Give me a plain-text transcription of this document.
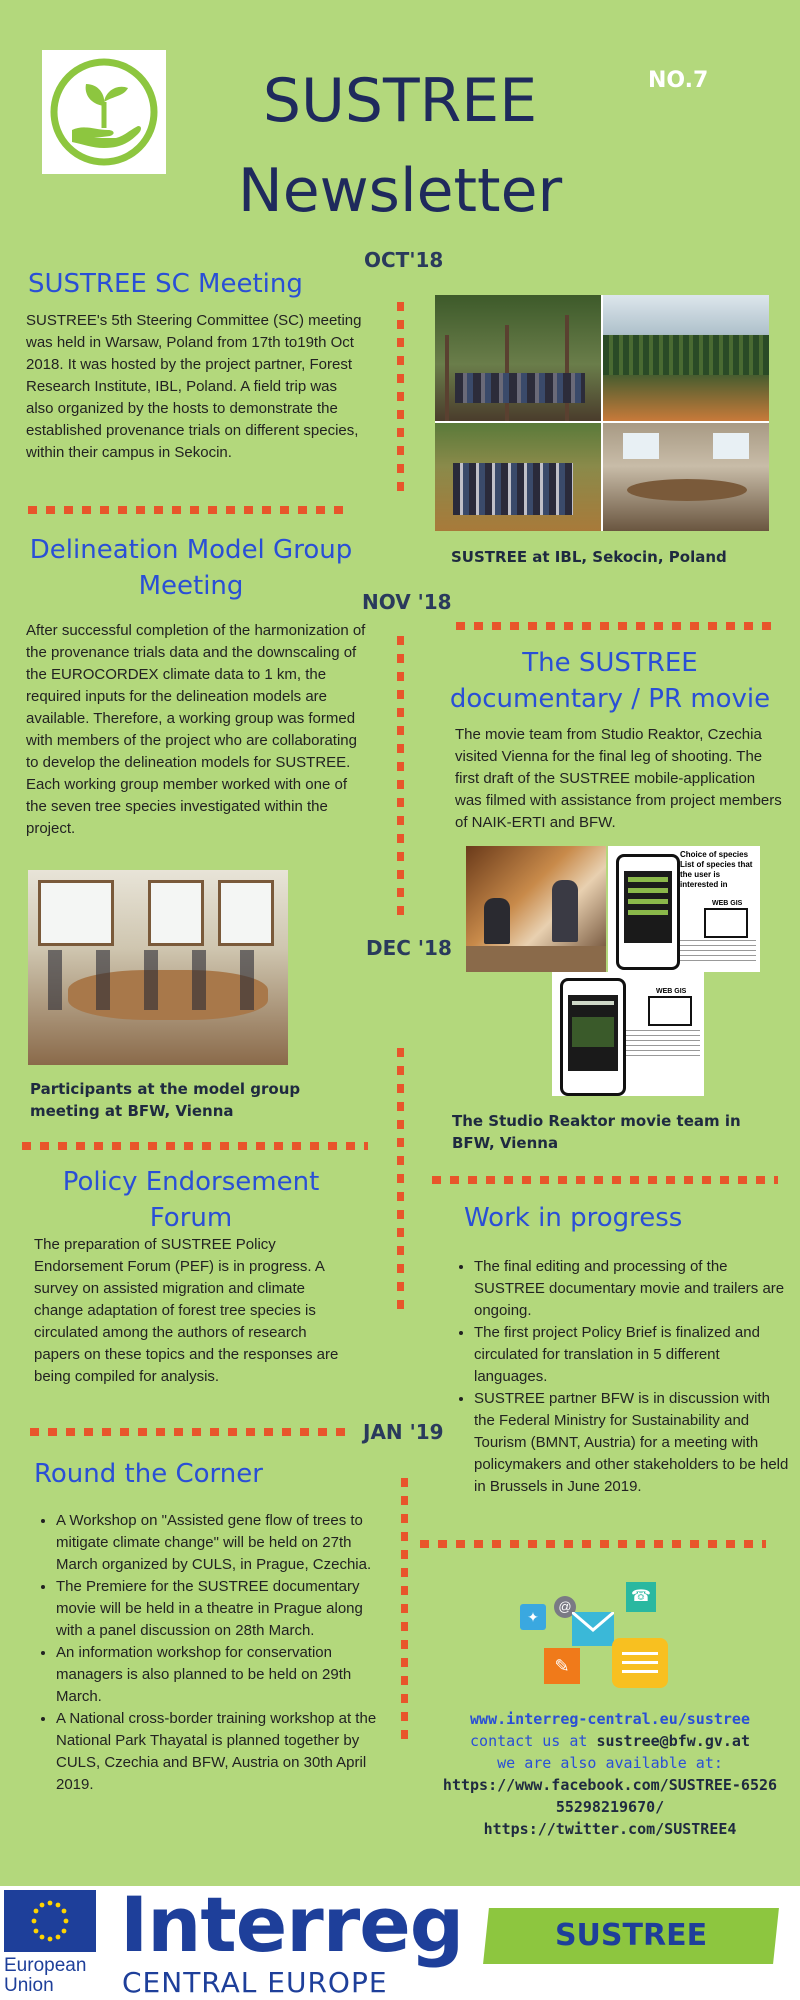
SUSTREE
Newsletter
NO.7
OCT'18
NOV '18
DEC '18
JAN '19
SUSTREE SC Meeting
SUSTREE's 5th Steering Committee (SC) meeting was held in Warsaw, Poland from 17th to19th Oct 2018. It was hosted by the project partner, Forest Research Institute, IBL, Poland. A field trip was also organized by the hosts to demonstrate the established provenance trials on different species, within their campus in Sekocin.
SUSTREE at IBL, Sekocin, Poland
Delineation Model Group Meeting
After successful completion of the harmonization of the provenance trials data and the downscaling of the EUROCORDEX climate data to 1 km, the required inputs for the delineation models are available. Therefore, a working group was formed with members of the project who are collaborating to develop the delineation models for SUSTREE. Each working group member worked with one of the seven tree species investigated within the project.
Participants at the model group meeting at BFW, Vienna
The SUSTREE documentary / PR movie
The movie team from Studio Reaktor, Czechia visited Vienna for the final leg of shooting. The first draft of the SUSTREE mobile-application was filmed with assistance from project members of NAIK-ERTI and BFW.
Choice of species List of species that the user is interested in
WEB GIS
WEB GIS
The Studio Reaktor movie team in BFW, Vienna
Policy Endorsement Forum
The preparation of SUSTREE Policy Endorsement Forum (PEF) is in progress. A survey on assisted migration and climate change adaptation of forest tree species is circulated among the authors of research papers on these topics and the responses are being compiled for analysis.
Work in progress
• The final editing and processing of the SUSTREE documentary movie and trailers are ongoing.
• The first project Policy Brief is finalized and circulated for translation in 5 different languages.
• SUSTREE partner BFW is in discussion with the Federal Ministry for Sustainability and Tourism (BMNT, Austria) for a meeting with policymakers and other stakeholders to be held in Brussels in June 2019.
Round the Corner
• A Workshop on "Assisted gene flow of trees to mitigate climate change" will be held on 27th March organized by CULS, in Prague, Czechia.
• The Premiere for the SUSTREE documentary movie will be held in a theatre in Prague along with a panel discussion on 28th March.
• An information workshop for conservation managers is also planned to be held on 29th March.
• A National cross-border training workshop at the National Park Thayatal is planned together by CULS, Czechia and BFW, Austria on 30th April 2019.
✦
@
☎
✎
www.interreg-central.eu/sustree
contact us at sustree@bfw.gv.at
we are also available at:
https://www.facebook.com/SUSTREE-652655298219670/
https://twitter.com/SUSTREE4
European
Union
Interreg
CENTRAL EUROPE
SUSTREE
